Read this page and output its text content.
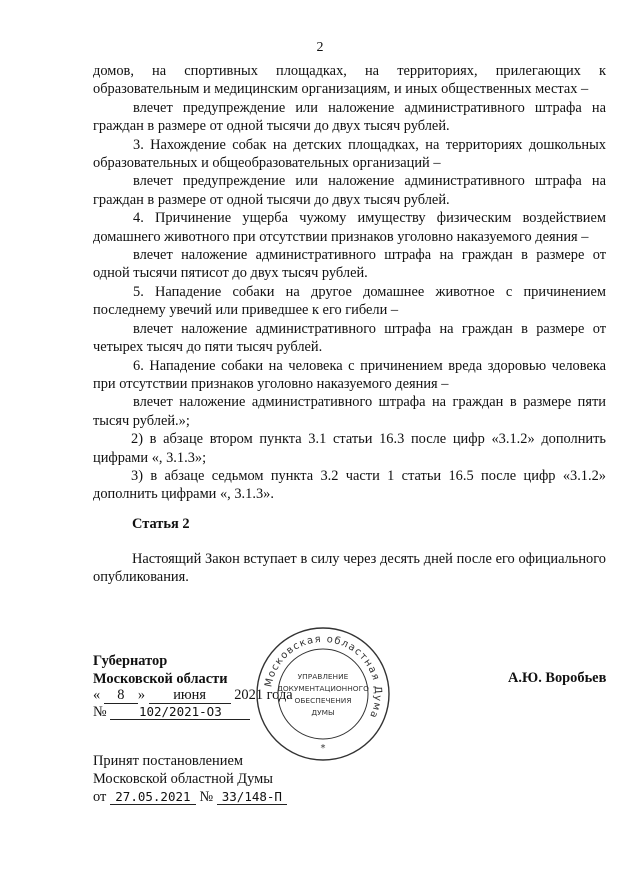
2

домов, на спортивных площадках, на территориях, прилегающих к образовательным и медицинским организациям, и иных общественных местах –

влечет предупреждение или наложение административного штрафа на граждан в размере от одной тысячи до двух тысяч рублей.

3. Нахождение собак на детских площадках, на территориях дошкольных образовательных и общеобразовательных организаций –

влечет предупреждение или наложение административного штрафа на граждан в размере от одной тысячи до двух тысяч рублей.

4. Причинение ущерба чужому имуществу физическим воздействием домашнего животного при отсутствии признаков уголовно наказуемого деяния –

влечет наложение административного штрафа на граждан в размере от одной тысячи пятисот до двух тысяч рублей.

5. Нападение собаки на другое домашнее животное с причинением последнему увечий или приведшее к его гибели –

влечет наложение административного штрафа на граждан в размере от четырех тысяч до пяти тысяч рублей.

6. Нападение собаки на человека с причинением вреда здоровью человека при отсутствии признаков уголовно наказуемого деяния –

влечет наложение административного штрафа на граждан в размере пяти тысяч рублей.»;

2) в абзаце втором пункта 3.1 статьи 16.3 после цифр «3.1.2» дополнить цифрами «, 3.1.3»;

3) в абзаце седьмом пункта 3.2 части 1 статьи 16.5 после цифр «3.1.2» дополнить цифрами «, 3.1.3».

Статья 2

Настоящий Закон вступает в силу через десять дней после его официального опубликования.

Губернатор
Московской области	А.Ю. Воробьев
« 8 » июня 2021 года
№	102/2021-ОЗ
Принят постановлением
Московской областной Думы
от 27.05.2021 № 33/148-П
Московская областная Дума
УПРАВЛЕНИЕ
ДОКУМЕНТАЦИОННОГО
ОБЕСПЕЧЕНИЯ
ДУМЫ
*
